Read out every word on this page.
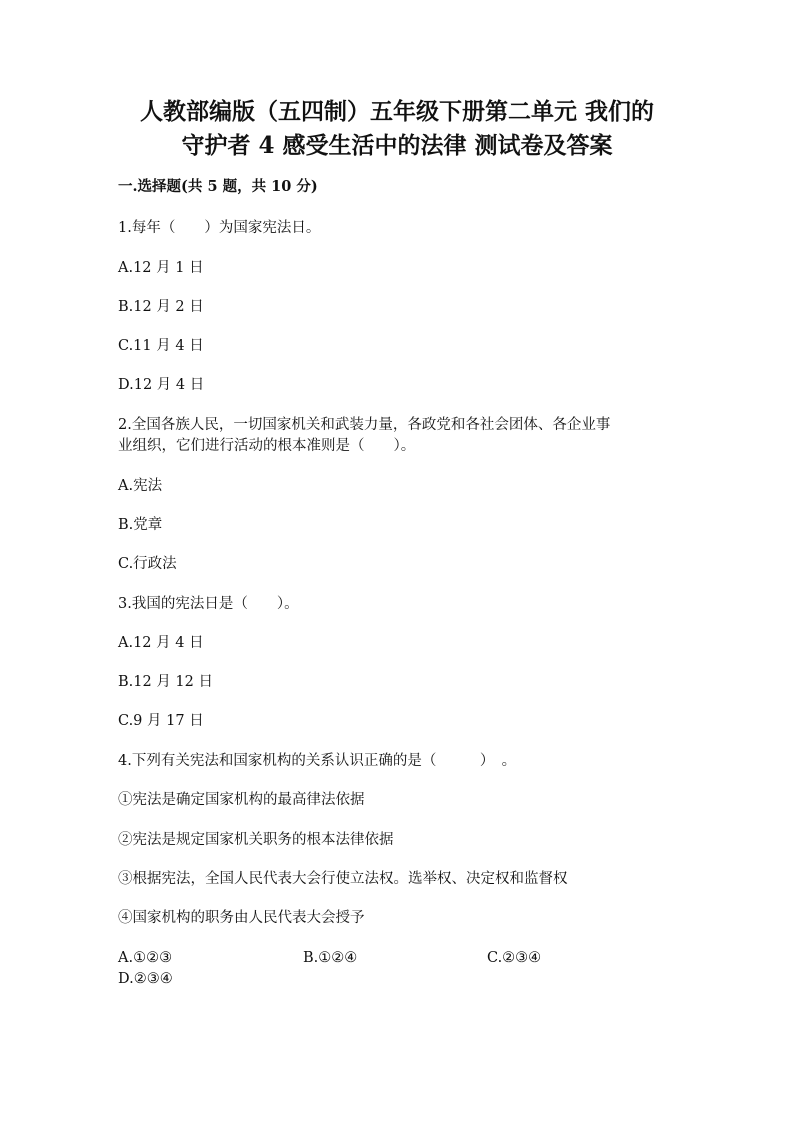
人教部编版（五四制）五年级下册第二单元 我们的
守护者 4 感受生活中的法律 测试卷及答案
一.选择题(共 5 题，共 10 分)
1.每年（　　）为国家宪法日。
A.12 月 1 日
B.12 月 2 日
C.11 月 4 日
D.12 月 4 日
2.全国各族人民，一切国家机关和武装力量，各政党和各社会团体、各企业事
业组织，它们进行活动的根本准则是（　　）。
A.宪法
B.党章
C.行政法
3.我国的宪法日是（　　）。
A.12 月 4 日
B.12 月 12 日
C.9 月 17 日
4.下列有关宪法和国家机构的关系认识正确的是（　　　）　。
①宪法是确定国家机构的最高律法依据
②宪法是规定国家机关职务的根本法律依据
③根据宪法，全国人民代表大会行使立法权。选举权、决定权和监督权
④国家机构的职务由人民代表大会授予
A.①②③	B.①②④	C.②③④
D.②③④
